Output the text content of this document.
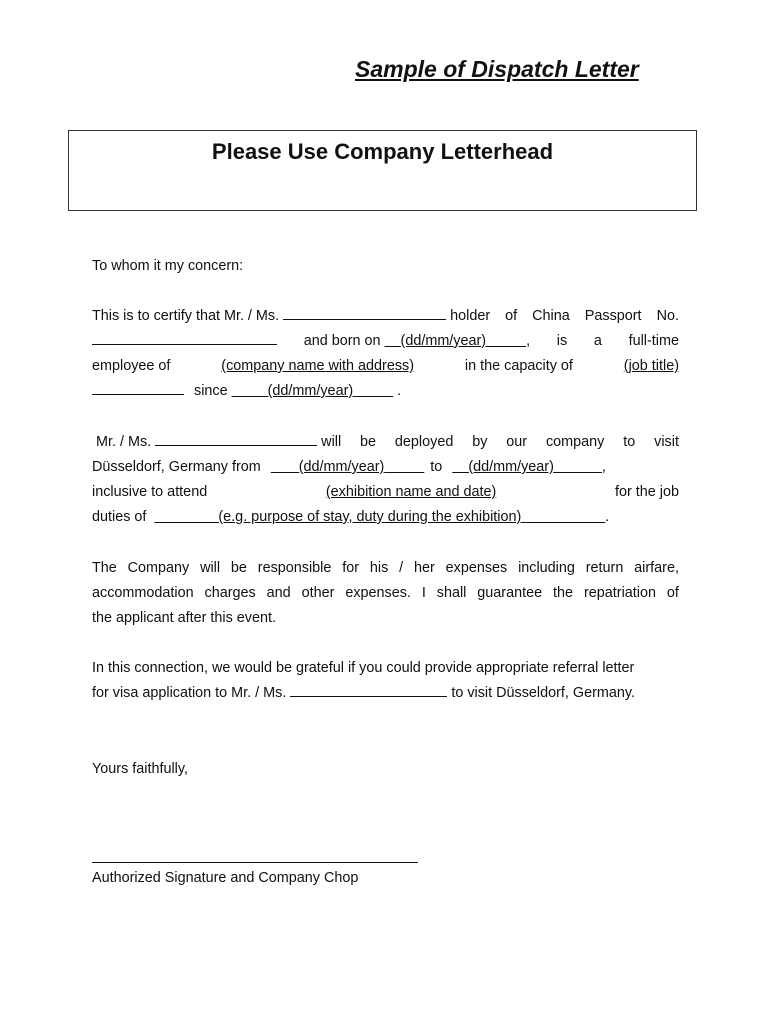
Sample of Dispatch Letter
Please Use Company Letterhead
To whom it my concern:
This is to certify that Mr. / Ms.	holder of China Passport No.
and born on (dd/mm/year)	, is a full-time
employee of	(company name with address)	in the capacity of	(job title)
since	(dd/mm/year)	.
Mr. / Ms.	will be deployed by our company to visit
Düsseldorf, Germany from	(dd/mm/year)	to (dd/mm/year)	,
inclusive to attend	(exhibition name and date)	for the job
duties of	(e.g. purpose of stay, duty during the exhibition)	.
The Company will be responsible for his / her expenses including return airfare,
accommodation charges and other expenses. I shall guarantee the repatriation of
the applicant after this event.
In this connection, we would be grateful if you could provide appropriate referral letter
for visa application to Mr. / Ms.	to visit Düsseldorf, Germany.
Yours faithfully,
Authorized Signature and Company Chop
